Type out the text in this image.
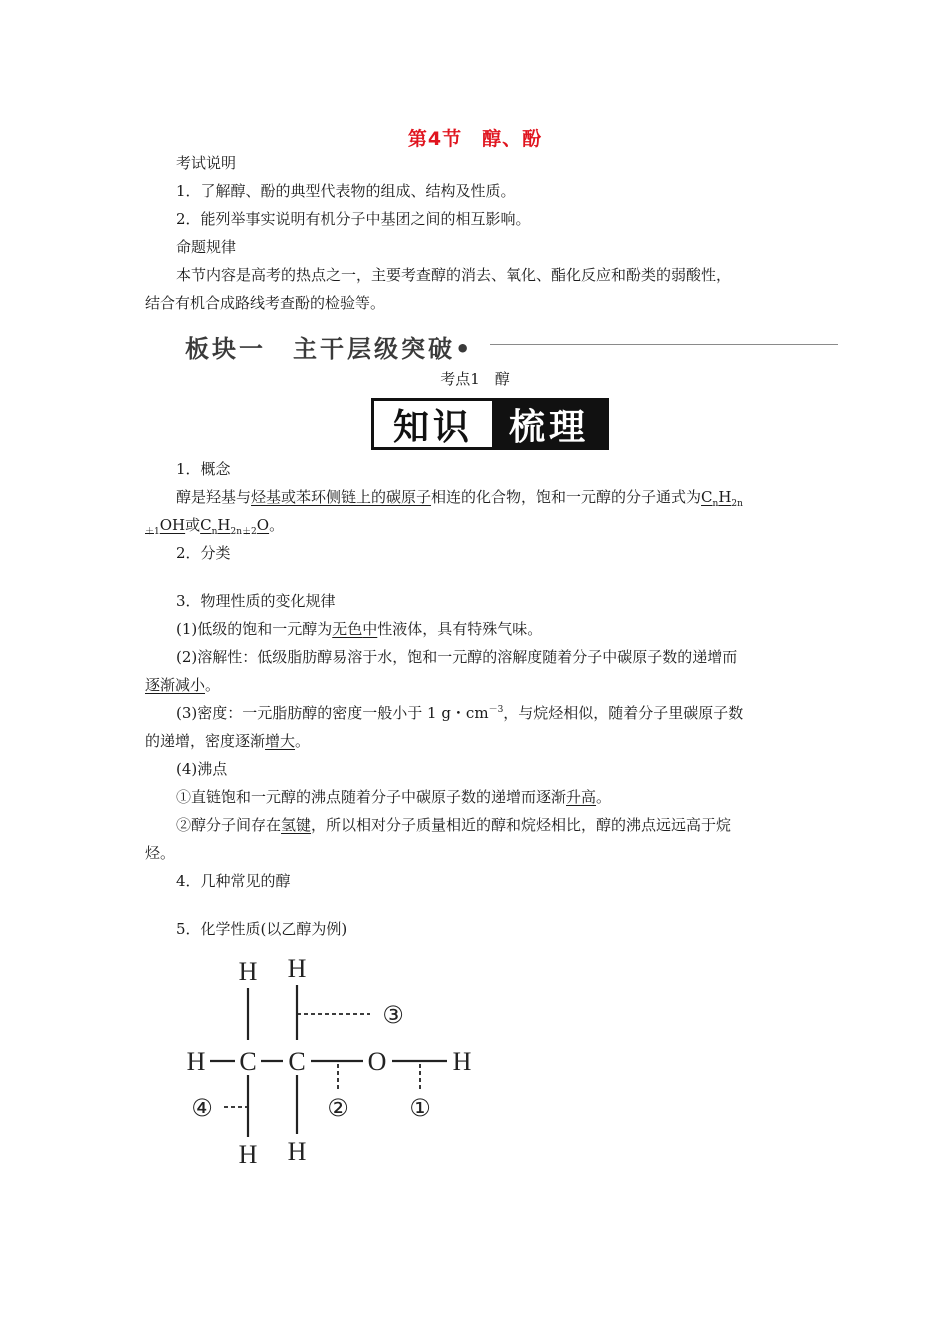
第4节　醇、酚
考试说明
1．了解醇、酚的典型代表物的组成、结构及性质。
2．能列举事实说明有机分子中基团之间的相互影响。
命题规律
本节内容是高考的热点之一，主要考查醇的消去、氧化、酯化反应和酚类的弱酸性，
结合有机合成路线考查酚的检验等。
板块一　主干层级突破•
考点1　醇
知识 梳理
1．概念
醇是羟基与烃基或苯环侧链上的碳原子相连的化合物，饱和一元醇的分子通式为$C_nH_{2n}$
$_{+1}$OH或$C_nH_{2n+2}O$。
2．分类
3．物理性质的变化规律
(1)低级的饱和一元醇为无色中性液体，具有特殊气味。
(2)溶解性：低级脂肪醇易溶于水，饱和一元醇的溶解度随着分子中碳原子数的递增而
逐渐减小。
(3)密度：一元脂肪醇的密度一般小于 1 g・$cm^{-3}$，与烷烃相似，随着分子里碳原子数
的递增，密度逐渐增大。
(4)沸点
①直链饱和一元醇的沸点随着分子中碳原子数的递增而逐渐升高。
②醇分子间存在氢键，所以相对分子质量相近的醇和烷烃相比，醇的沸点远远高于烷
烃。
4．几种常见的醇
5．化学性质(以乙醇为例)
H H
H C C O	H
H H
③
④	②	①
